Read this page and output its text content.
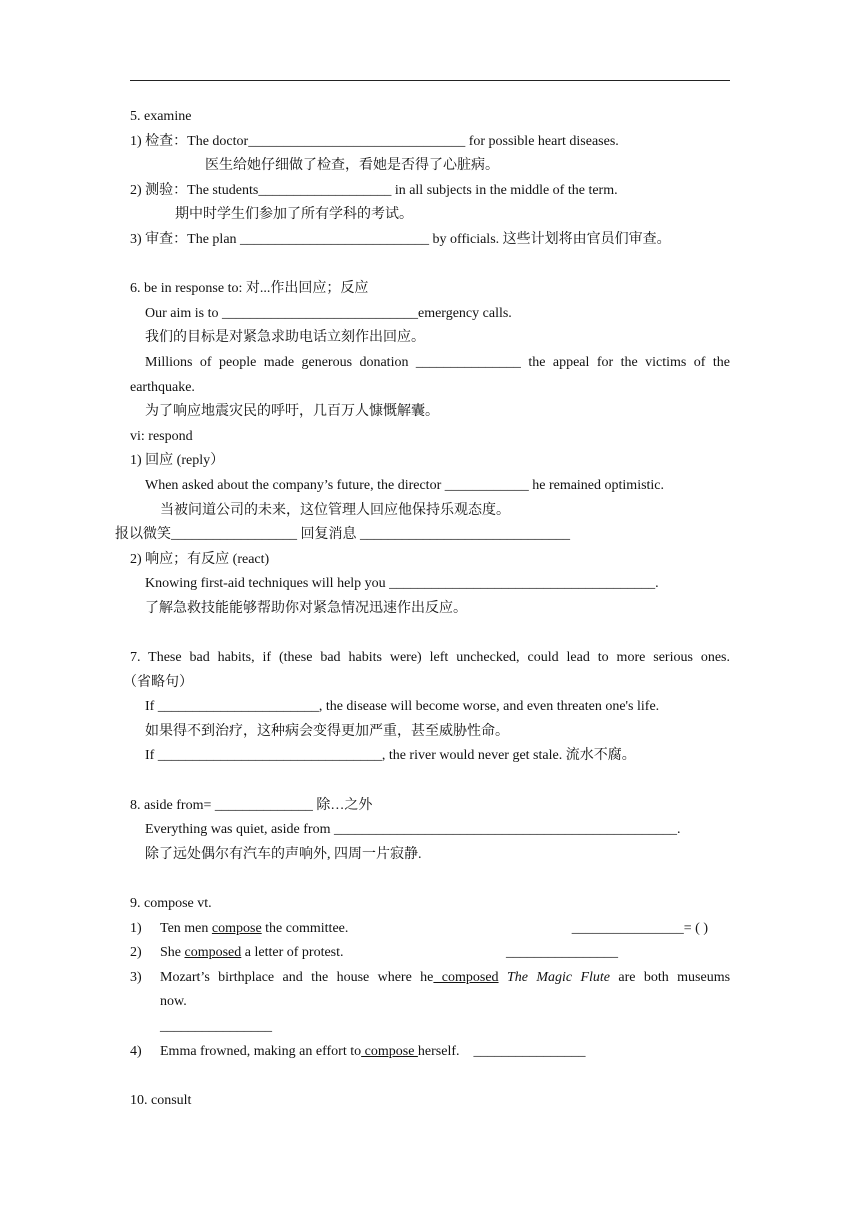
5. examine
1) 检查：The doctor_______________________________ for possible heart diseases.
医生给她仔细做了检查，看她是否得了心脏病。
2) 测验：The students___________________ in all subjects in the middle of the term.
期中时学生们参加了所有学科的考试。
3) 审查：The plan ___________________________ by officials. 这些计划将由官员们审查。
6. be in response to: 对...作出回应；反应
Our aim is to ____________________________emergency calls.
我们的目标是对紧急求助电话立刻作出回应。
Millions of people made generous donation _______________ the appeal for the victims of the
earthquake.
为了响应地震灾民的呼吁，几百万人慷慨解囊。
vi: respond
1) 回应 (reply）
When asked about the company’s future, the director ____________ he remained optimistic.
当被问道公司的未来，这位管理人回应他保持乐观态度。
报以微笑__________________ 回复消息 ______________________________
2) 响应；有反应 (react)
Knowing first-aid techniques will help you ______________________________________.
了解急救技能能够帮助你对紧急情况迅速作出反应。
7. These bad habits, if (these bad habits were) left unchecked, could lead to more serious ones.
（省略句）
If _______________________, the disease will become worse, and even threaten one's life.
如果得不到治疗，这种病会变得更加严重，甚至威胁性命。
If ________________________________, the river would never get stale. 流水不腐。
8. aside from= ______________ 除…之外
Everything was quiet, aside from _________________________________________________.
除了远处偶尔有汽车的声响外, 四周一片寂静.
9. compose vt.
1) Ten men compose the committee.	________________= ( )
2) She composed a letter of protest.	________________
3) Mozart’s birthplace and the house where he composed The Magic Flute are both museums
now.
________________
4) Emma frowned, making an effort to compose herself. ________________
10. consult
